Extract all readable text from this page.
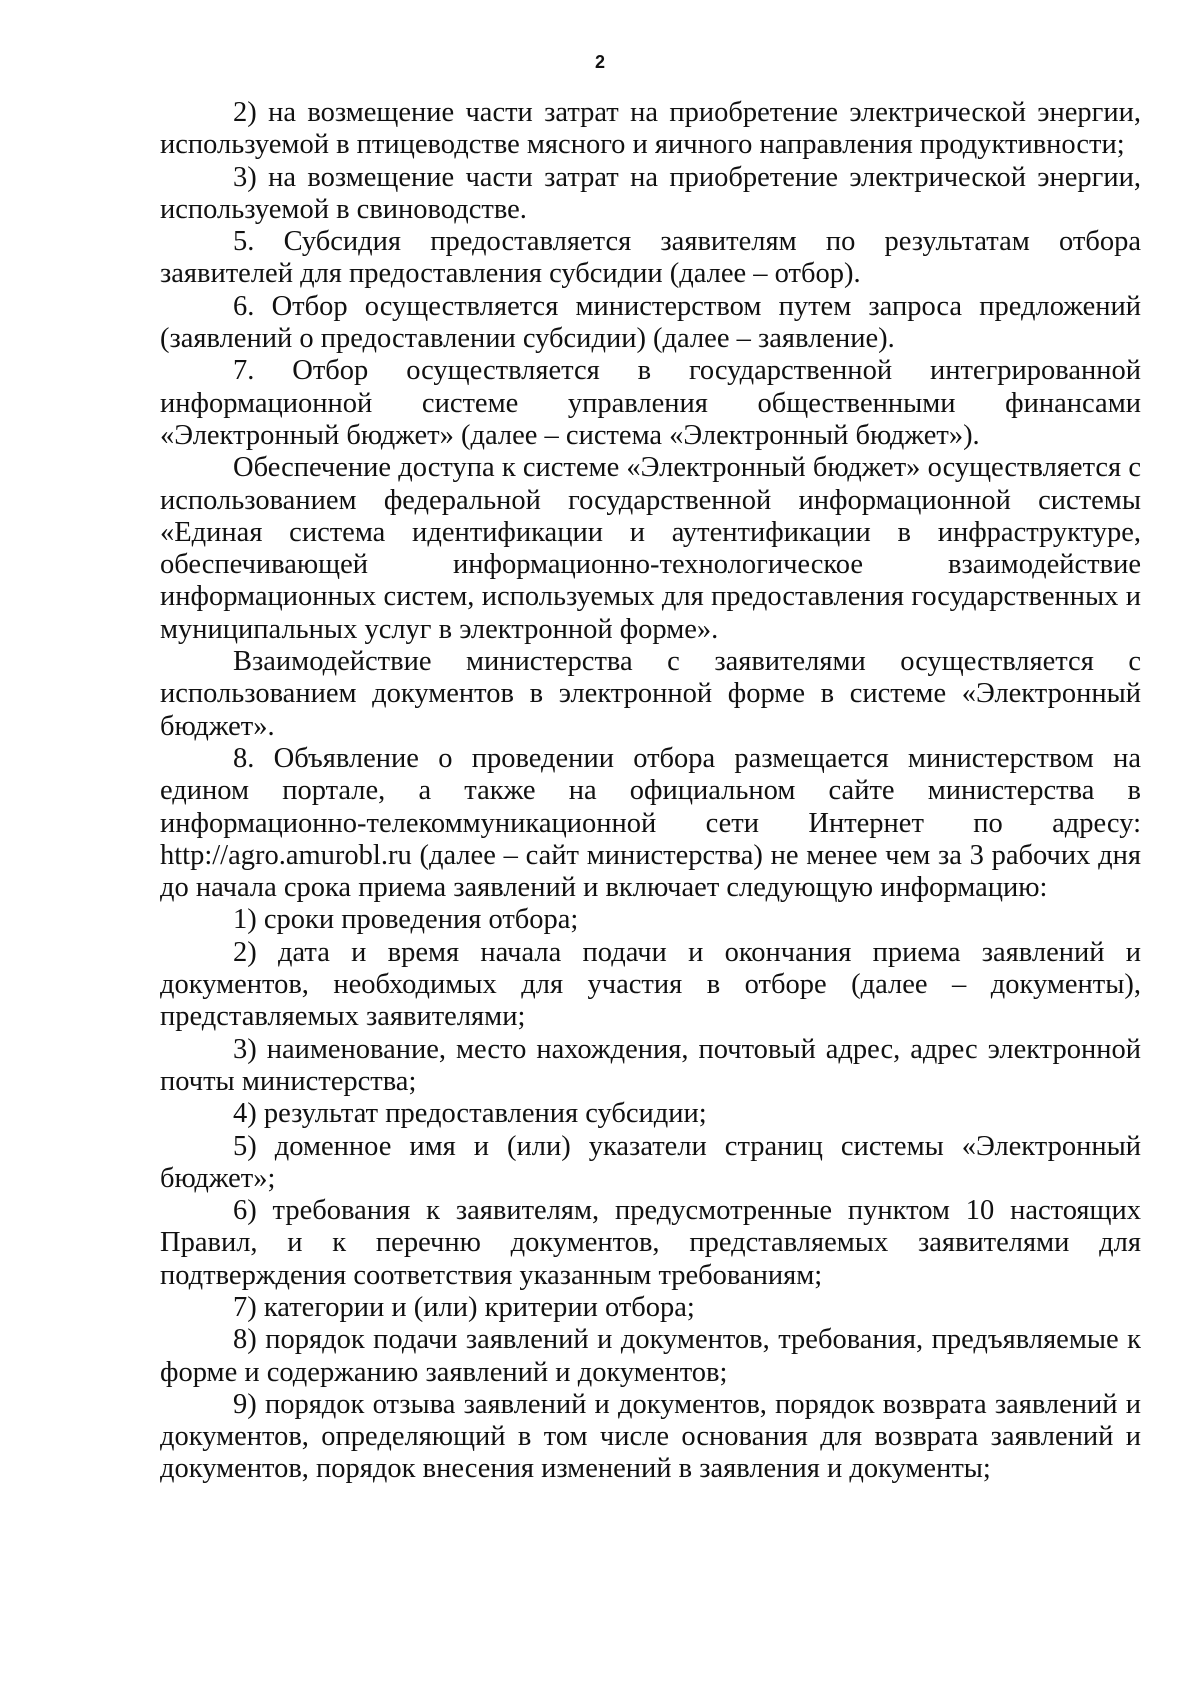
2

2) на возмещение части затрат на приобретение электрической энергии, используемой в птицеводстве мясного и яичного направления продуктивности;

3) на возмещение части затрат на приобретение электрической энергии, используемой в свиноводстве.

5. Субсидия предоставляется заявителям по результатам отбора заявителей для предоставления субсидии (далее – отбор).

6. Отбор осуществляется министерством путем запроса предложений (заявлений о предоставлении субсидии) (далее – заявление).

7. Отбор осуществляется в государственной интегрированной информационной системе управления общественными финансами «Электронный бюджет» (далее – система «Электронный бюджет»).

Обеспечение доступа к системе «Электронный бюджет» осуществляется с использованием федеральной государственной информационной системы «Единая система идентификации и аутентификации в инфраструктуре, обеспечивающей информационно-технологическое взаимодействие информационных систем, используемых для предоставления государственных и муниципальных услуг в электронной форме».

Взаимодействие министерства с заявителями осуществляется с использованием документов в электронной форме в системе «Электронный бюджет».

8. Объявление о проведении отбора размещается министерством на едином портале, а также на официальном сайте министерства в информационно-телекоммуникационной сети Интернет по адресу: http://agro.amurobl.ru (далее – сайт министерства) не менее чем за 3 рабочих дня до начала срока приема заявлений и включает следующую информацию:

1) сроки проведения отбора;

2) дата и время начала подачи и окончания приема заявлений и документов, необходимых для участия в отборе (далее – документы), представляемых заявителями;

3) наименование, место нахождения, почтовый адрес, адрес электронной почты министерства;

4) результат предоставления субсидии;

5) доменное имя и (или) указатели страниц системы «Электронный бюджет»;

6) требования к заявителям, предусмотренные пунктом 10 настоящих Правил, и к перечню документов, представляемых заявителями для подтверждения соответствия указанным требованиям;

7) категории и (или) критерии отбора;

8) порядок подачи заявлений и документов, требования, предъявляемые к форме и содержанию заявлений и документов;

9) порядок отзыва заявлений и документов, порядок возврата заявлений и документов, определяющий в том числе основания для возврата заявлений и документов, порядок внесения изменений в заявления и документы;
